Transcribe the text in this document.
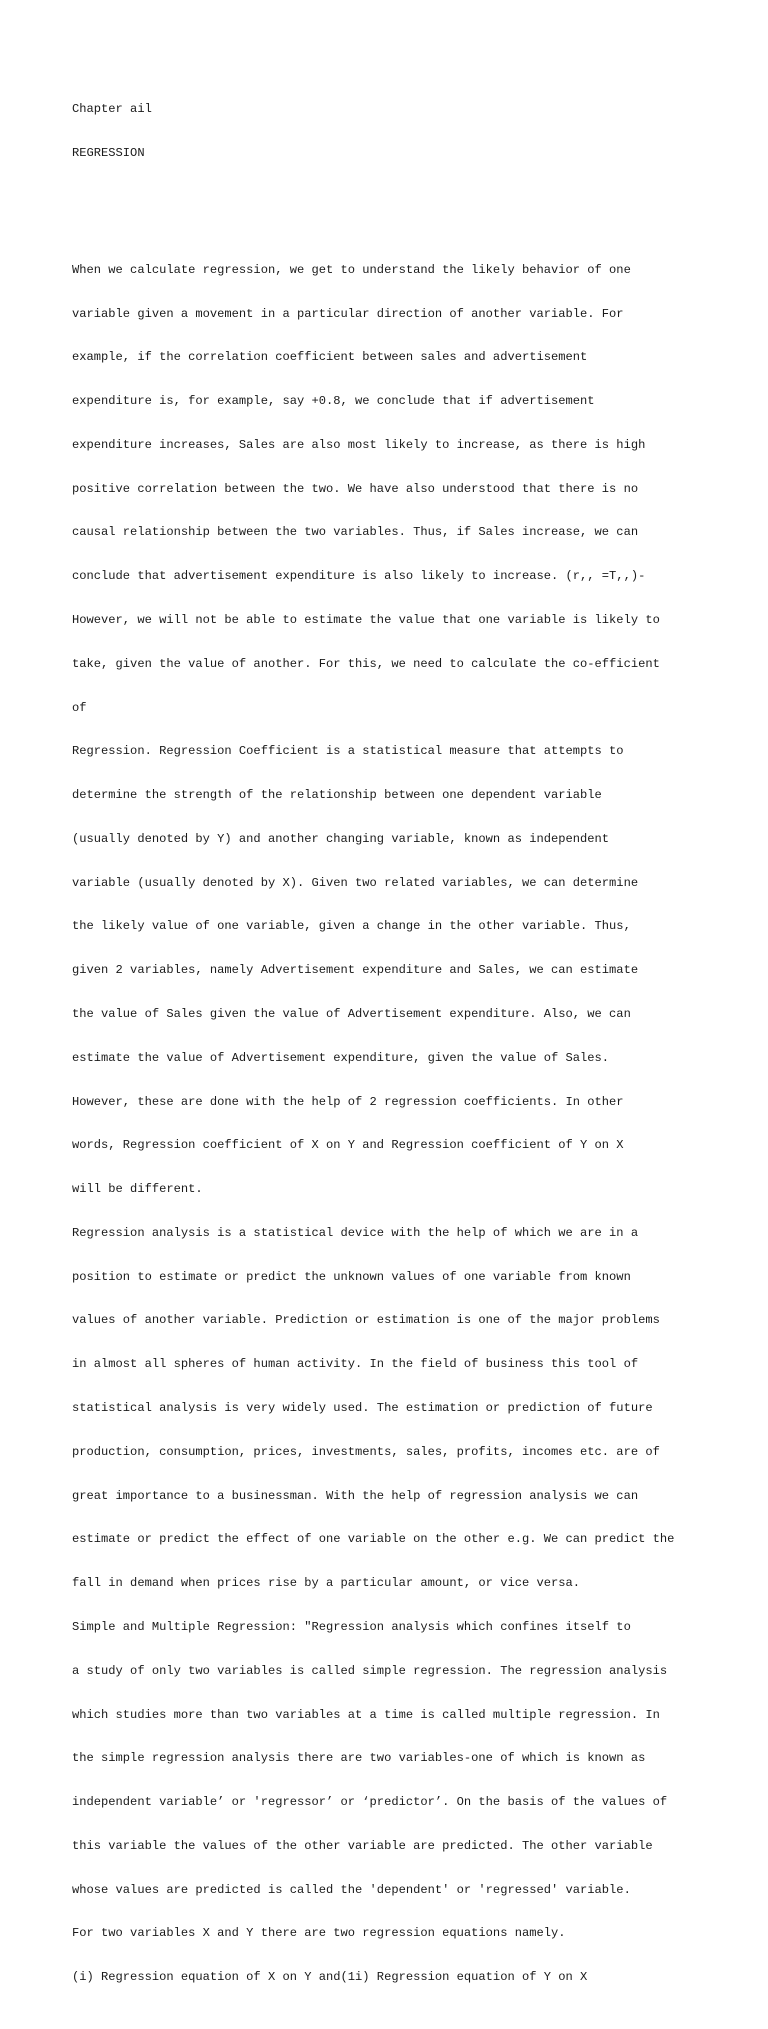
Chapter ail

REGRESSION

When we calculate regression, we get to understand the likely behavior of one

variable given a movement in a particular direction of another variable. For

example, if the correlation coefficient between sales and advertisement

expenditure is, for example, say +0.8, we conclude that if advertisement

expenditure increases, Sales are also most likely to increase, as there is high

positive correlation between the two. We have also understood that there is no

causal relationship between the two variables. Thus, if Sales increase, we can

conclude that advertisement expenditure is also likely to increase. (r,, =T,,)-

However, we will not be able to estimate the value that one variable is likely to

take, given the value of another. For this, we need to calculate the co-efficient

of

Regression. Regression Coefficient is a statistical measure that attempts to

determine the strength of the relationship between one dependent variable

(usually denoted by Y) and another changing variable, known as independent

variable (usually denoted by X). Given two related variables, we can determine

the likely value of one variable, given a change in the other variable. Thus,

given 2 variables, namely Advertisement expenditure and Sales, we can estimate

the value of Sales given the value of Advertisement expenditure. Also, we can

estimate the value of Advertisement expenditure, given the value of Sales.

However, these are done with the help of 2 regression coefficients. In other

words, Regression coefficient of X on Y and Regression coefficient of Y on X

will be different.

Regression analysis is a statistical device with the help of which we are in a

position to estimate or predict the unknown values of one variable from known

values of another variable. Prediction or estimation is one of the major problems

in almost all spheres of human activity. In the field of business this tool of

statistical analysis is very widely used. The estimation or prediction of future

production, consumption, prices, investments, sales, profits, incomes etc. are of

great importance to a businessman. With the help of regression analysis we can

estimate or predict the effect of one variable on the other e.g. We can predict the

fall in demand when prices rise by a particular amount, or vice versa.

Simple and Multiple Regression: "Regression analysis which confines itself to

a study of only two variables is called simple regression. The regression analysis

which studies more than two variables at a time is called multiple regression. In

the simple regression analysis there are two variables-one of which is known as

independent variable’ or 'regressor’ or ‘predictor’. On the basis of the values of

this variable the values of the other variable are predicted. The other variable

whose values are predicted is called the 'dependent' or 'regressed' variable.

For two variables X and Y there are two regression equations namely.

(i) Regression equation of X on Y and(1i) Regression equation of Y on X
